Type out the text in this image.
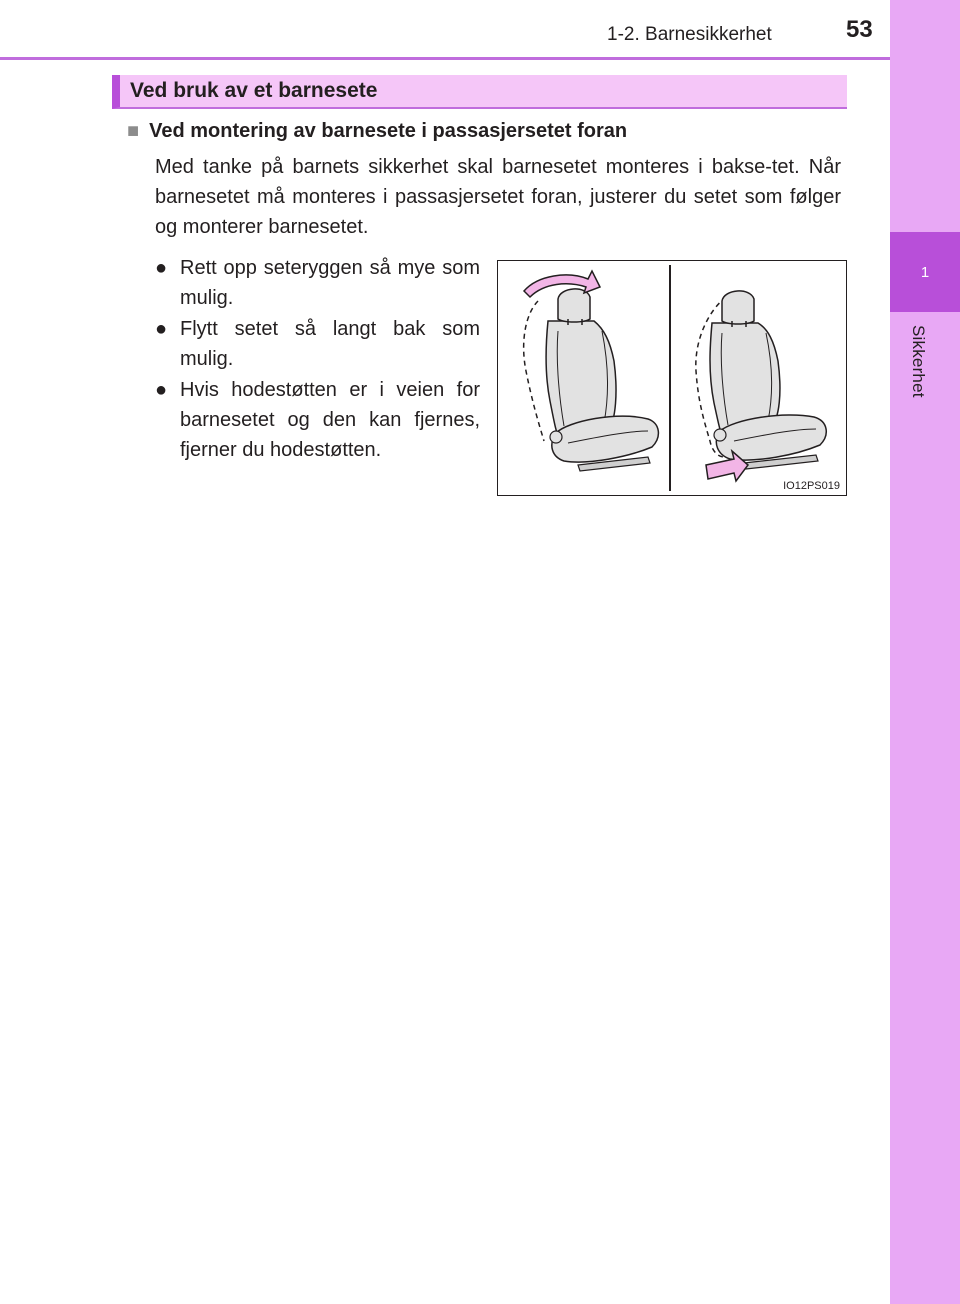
1
Sikkerhet
1-2. Barnesikkerhet	53
Ved bruk av et barnesete
■ Ved montering av barnesete i passasjersetet foran
Med tanke på barnets sikkerhet skal barnesetet monteres i bakse-tet. Når barnesetet må monteres i passasjersetet foran, justerer du setet som følger og monterer barnesetet.
● Rett opp seteryggen så mye som mulig.
● Flytt setet så langt bak som mulig.
● Hvis hodestøtten er i veien for barnesetet og den kan fjernes, fjerner du hodestøtten.
IO12PS019
